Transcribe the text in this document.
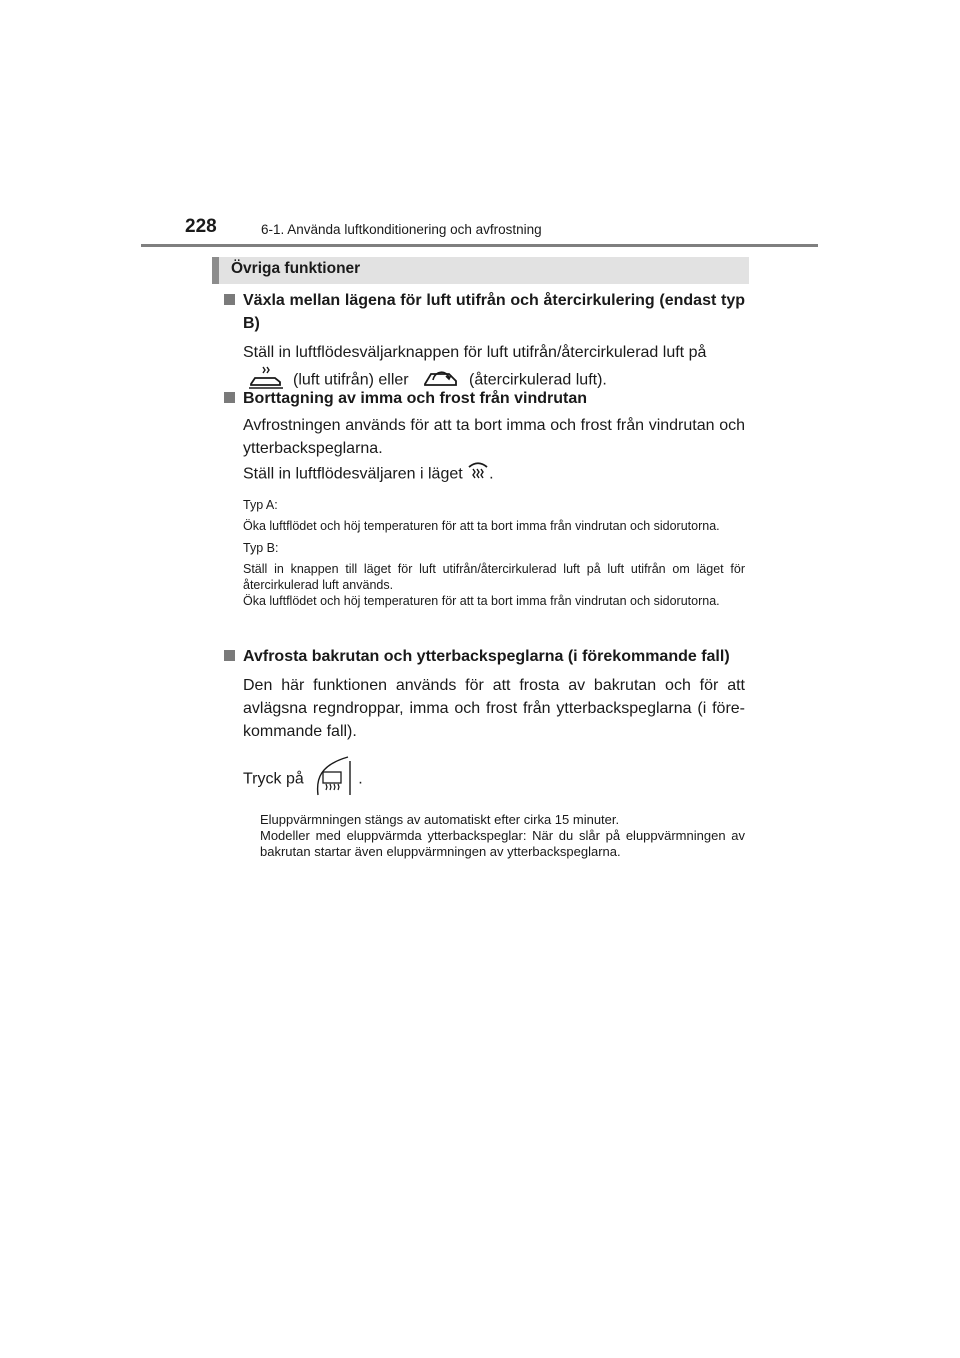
228	6-1. Använda luftkonditionering och avfrostning
Övriga funktioner
Växla mellan lägena för luft utifrån och återcirkulering (endast typ B)
Ställ in luftflödesväljarknappen för luft utifrån/återcirkulerad luft på
(luft utifrån) eller	(återcirkulerad luft).
Borttagning av imma och frost från vindrutan
Avfrostningen används för att ta bort imma och frost från vindrutan och ytterbackspeglarna.
Ställ in luftflödesväljaren i läget .
Typ A:
Öka luftflödet och höj temperaturen för att ta bort imma från vindrutan och sidorutorna.
Typ B:
Ställ in knappen till läget för luft utifrån/återcirkulerad luft på luft utifrån om läget för återcirkulerad luft används.
Öka luftflödet och höj temperaturen för att ta bort imma från vindrutan och sidorutorna.
Avfrosta bakrutan och ytterbackspeglarna (i förekommande fall)
Den här funktionen används för att frosta av bakrutan och för att avlägsna regndroppar, imma och frost från ytterbackspeglarna (i förekommande fall).
Tryck på	.
Eluppvärmningen stängs av automatiskt efter cirka 15 minuter.
Modeller med eluppvärmda ytterbackspeglar: När du slår på eluppvärmningen av bakrutan startar även eluppvärmningen av ytterbackspeglarna.
